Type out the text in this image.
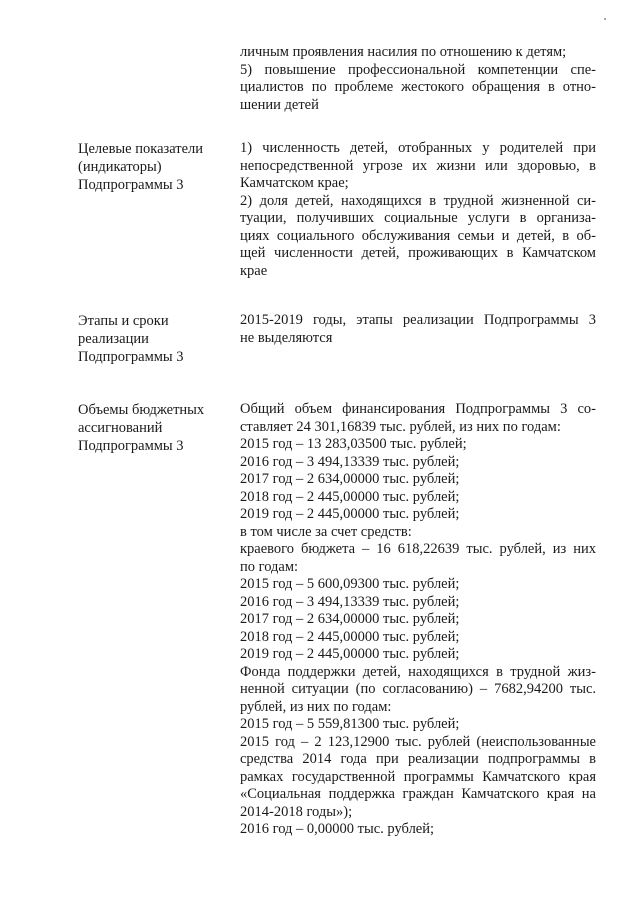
личным проявления насилия по отношению к детям;
5) повышение профессиональной компетенции спе-
циалистов по проблеме жестокого обращения в отно-
шении детей
Целевые показатели
(индикаторы)
Подпрограммы 3
1) численность детей, отобранных у родителей при
непосредственной угрозе их жизни или здоровью, в
Камчатском крае;
2) доля детей, находящихся в трудной жизненной си-
туации, получивших социальные услуги в организа-
циях социального обслуживания семьи и детей, в об-
щей численности детей, проживающих в Камчатском
крае
Этапы и сроки
реализации
Подпрограммы 3
2015-2019 годы, этапы реализации Подпрограммы 3
не выделяются
Объемы бюджетных
ассигнований
Подпрограммы 3
Общий объем финансирования Подпрограммы 3 со-
ставляет 24 301,16839 тыс. рублей, из них по годам:
2015 год – 13 283,03500 тыс. рублей;
2016 год – 3 494,13339 тыс. рублей;
2017 год – 2 634,00000 тыс. рублей;
2018 год – 2 445,00000 тыс. рублей;
2019 год – 2 445,00000 тыс. рублей;
в том числе за счет средств:
краевого бюджета – 16 618,22639 тыс. рублей, из них
по годам:
2015 год – 5 600,09300 тыс. рублей;
2016 год – 3 494,13339 тыс. рублей;
2017 год – 2 634,00000 тыс. рублей;
2018 год – 2 445,00000 тыс. рублей;
2019 год – 2 445,00000 тыс. рублей;
Фонда поддержки детей, находящихся в трудной жиз-
ненной ситуации (по согласованию) – 7682,94200 тыс.
рублей, из них по годам:
2015 год – 5 559,81300 тыс. рублей;
2015 год – 2 123,12900 тыс. рублей (неиспользованные
средства 2014 года при реализации подпрограммы в
рамках государственной программы Камчатского края
«Социальная поддержка граждан Камчатского края на
2014-2018 годы»);
2016 год – 0,00000 тыс. рублей;
